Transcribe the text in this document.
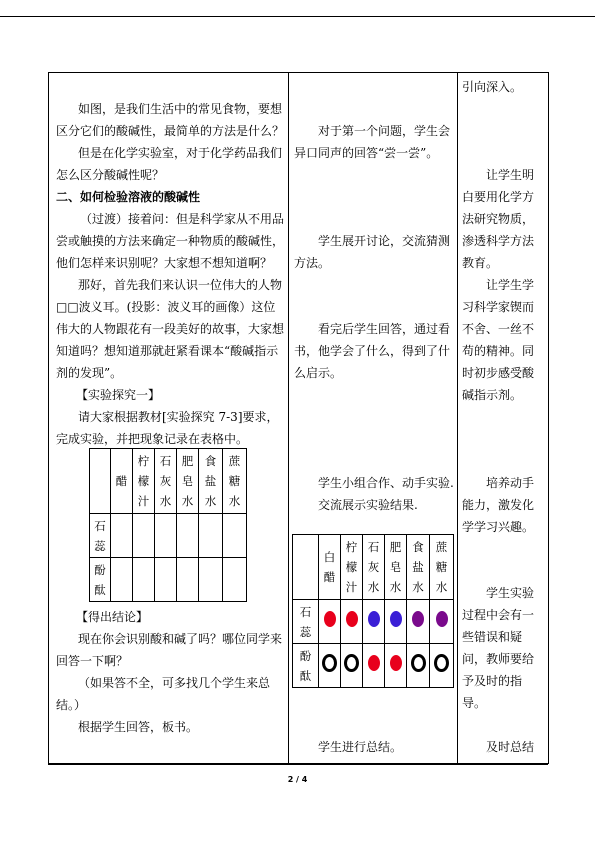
如图，是我们生活中的常见食物，要想
区分它们的酸碱性，最简单的方法是什么？
但是在化学实验室，对于化学药品我们
怎么区分酸碱性呢？
二、如何检验溶液的酸碱性
（过渡）接着问：但是科学家从不用品
尝或触摸的方法来确定一种物质的酸碱性，
他们怎样来识别呢？大家想不想知道啊？
那好，首先我们来认识一位伟大的人物
□□波义耳。(投影：波义耳的画像）这位
伟大的人物跟花有一段美好的故事，大家想
知道吗？想知道那就赶紧看课本“酸碱指示
剂的发现”。
【实验探究一】
请大家根据教材[实验探究 7-3]要求，
完成实验，并把现象记录在表格中。
	醋	柠檬汁	石灰水	肥皂水	食盐水	蔗糖水
石蕊						
酚酞						
【得出结论】
现在你会识别酸和碱了吗？哪位同学来
回答一下啊？
（如果答不全，可多找几个学生来总
结。）
根据学生回答，板书。
对于第一个问题，学生会
异口同声的回答“尝一尝”。
学生展开讨论，交流猜测
方法。
看完后学生回答，通过看
书，他学会了什么，得到了什
么启示。
学生小组合作、动手实验.
交流展示实验结果.
	白醋	柠檬汁	石灰水	肥皂水	食盐水	蔗糖水
石蕊						
酚酞						
学生进行总结。
引向深入。
让学生明
白要用化学方
法研究物质，
渗透科学方法
教育。
让学生学
习科学家锲而
不舍、一丝不
苟的精神。同
时初步感受酸
碱指示剂。
培养动手
能力，激发化
学学习兴趣。
学生实验
过程中会有一
些错误和疑
问，教师要给
予及时的指
导。
及时总结
2 / 4
